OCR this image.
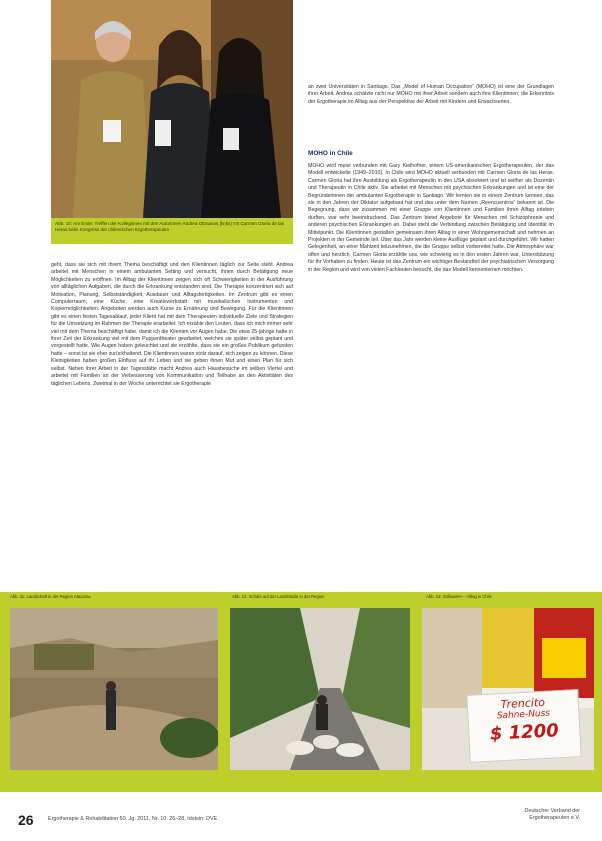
Abb. 10: Am Ende: Treffen der Kolleginnen mit den Autorinnen Andrea Oltmanns (links) mit Carmen Gloria de las Heras beim Kongress der chilenischen Ergotherapeuten

geht, dass sie sich mit ihrem Thema beschäftigt und den Klientinnen täglich zur Seite steht. Andrea arbeitet mit Menschen in einem ambulanten Setting und versucht, ihnen durch Betätigung neue Möglichkeiten zu eröffnen. Im Alltag der Klientinnen zeigen sich oft Schwierigkeiten in der Ausführung von alltäglichen Aufgaben, die durch die Erkrankung entstanden sind. Die Therapie konzentriert sich auf Motivation, Planung, Selbstständigkeit, Ausdauer und Alltagsfertigkeiten. Im Zentrum gibt es einen Computerraum, eine Küche, eine Kreativwerkstatt mit musikalischen Instrumenten und Kopiermöglichkeiten. Angeboten werden auch Kurse zu Ernährung und Bewegung. Für die Klientinnen gibt es einen festen Tagesablauf, jeder Klient hat mit dem Therapeuten individuelle Ziele und Strategien für die Umsetzung im Rahmen der Therapie erarbeitet. Ich erzähle den Leuten, dass ich mich immer sehr viel mit dem Thema beschäftigt habe, damit ich die Klienten vor Augen habe. Die etwa 25-jährige hatte in ihrer Zeit der Erkrankung viel mit dem Puppentheater gearbeitet, welches sie später selbst geplant und vorgestellt hatte. Wie Augen haben geleuchtet und sie erzählte, dass sie ein großes Publikum gefunden hatte – sonst ist sie eher zurückhaltend. Die Klientinnen waren stolz darauf, sich zeigen zu können. Diese Kleinigkeiten haben großen Einfluss auf ihr Leben und sie geben ihnen Mut und einen Plan für sich selbst. Neben ihrer Arbeit in der Tagesstätte macht Andrea auch Hausbesuche im selben Viertel und arbeitet mit Familien an der Verbesserung von Kommunikation und Teilhabe an den Aktivitäten des täglichen Lebens. Zweimal in der Woche unterrichtet sie Ergotherapie

an zwei Universitäten in Santiago. Das „Model of Human Occupation“ (MOHO) ist eine der Grundlagen ihrer Arbeit. Andrea schätzte nicht nur MOHO mit ihrer Arbeit sondern auch ihre Klientinnen, die Erkenntnis der Ergotherapie im Alltag aus der Perspektive der Arbeit mit Kindern und Erwachsenen.

MOHO in Chile

MOHO wird meist verbunden mit Gary Kielhofner, einem US-amerikanischen Ergotherapeuten, der das Modell entwickelte (1949–2010). In Chile wird MOHO aktuell verbunden mit Carmen Gloria de las Heras. Carmen Gloria hat ihre Ausbildung als Ergotherapeutin in den USA absolviert und ist seither als Dozentin und Therapeutin in Chile aktiv. Sie arbeitet mit Menschen mit psychischen Erkrankungen und ist eine der Begründerinnen der ambulanten Ergotherapie in Santiago. Wir lernten sie in einem Zentrum kennen, das sie in den Jahren der Diktatur aufgebaut hat und das unter dem Namen „Reencuentros“ bekannt ist. Die Begegnung, dass wir zusammen mit einer Gruppe von Klientinnen und Familien ihren Alltag erleben durften, war sehr beeindruckend. Das Zentrum bietet Angebote für Menschen mit Schizophrenie und anderen psychischen Erkrankungen an. Dabei steht die Verbindung zwischen Betätigung und Identität im Mittelpunkt. Die Klientinnen gestalten gemeinsam ihren Alltag in einer Wohngemeinschaft und nehmen an Projekten in der Gemeinde teil. Über das Jahr werden kleine Ausflüge geplant und durchgeführt. Wir hatten Gelegenheit, an einer Mahlzeit teilzunehmen, die die Gruppe selbst vorbereitet hatte. Die Atmosphäre war offen und herzlich. Carmen Gloria erzählte uns, wie schwierig es in den ersten Jahren war, Unterstützung für ihr Vorhaben zu finden. Heute ist das Zentrum ein wichtiger Bestandteil der psychiatrischen Versorgung in der Region und wird von vielen Fachleuten besucht, die das Modell kennenlernen möchten.

Abb. 11: Landschaft in der Region Atacama	Abb. 12: Schafe auf der Landstraße in der Region	Abb. 13: Süßwaren – Alltag in Chile
Trencito
Sahne-Nuss
$ 1200
26	Ergotherapie & Rehabilitation 50. Jg. 2011, Nr. 10: 26–28, Idstein: DVE
Deutscher Verband der
Ergotherapeuten e.V.
